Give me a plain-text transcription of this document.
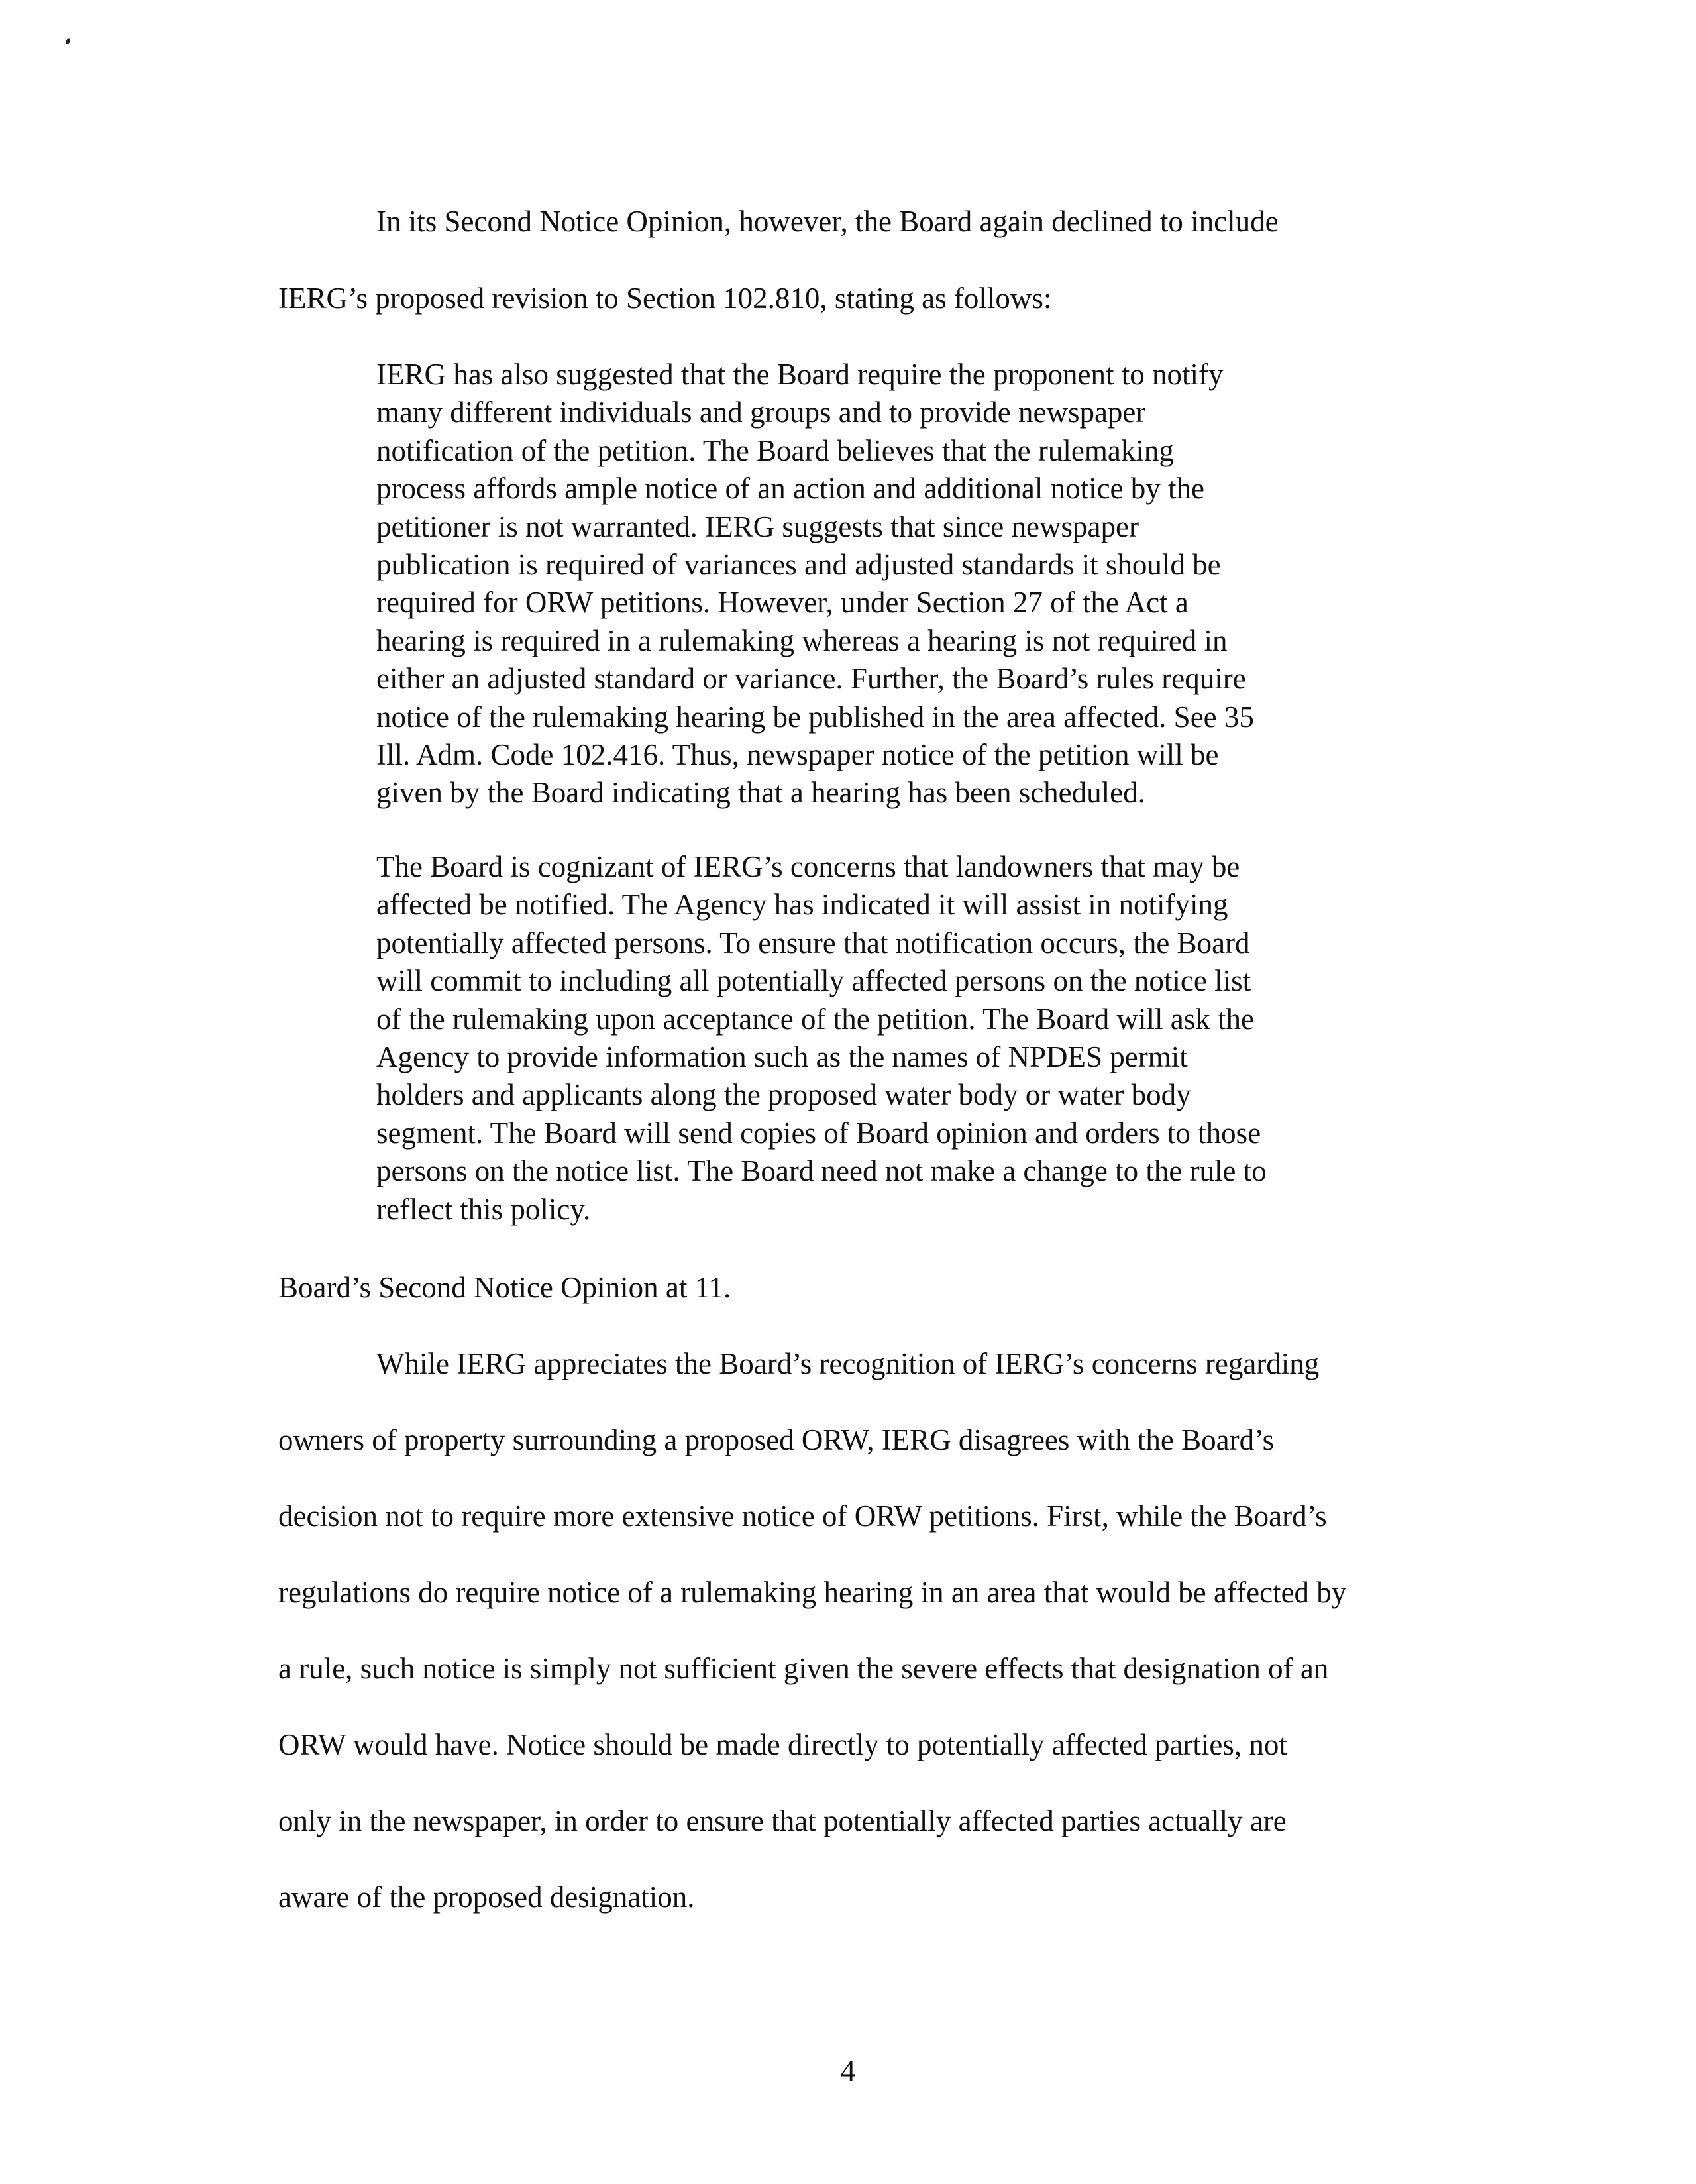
In its Second Notice Opinion, however, the Board again declined to include

IERG’s proposed revision to Section 102.810, stating as follows:

IERG has also suggested that the Board require the proponent to notify
many different individuals and groups and to provide newspaper
notification of the petition. The Board believes that the rulemaking
process affords ample notice of an action and additional notice by the
petitioner is not warranted. IERG suggests that since newspaper
publication is required of variances and adjusted standards it should be
required for ORW petitions. However, under Section 27 of the Act a
hearing is required in a rulemaking whereas a hearing is not required in
either an adjusted standard or variance. Further, the Board’s rules require
notice of the rulemaking hearing be published in the area affected. See 35
Ill. Adm. Code 102.416. Thus, newspaper notice of the petition will be
given by the Board indicating that a hearing has been scheduled.
The Board is cognizant of IERG’s concerns that landowners that may be
affected be notified. The Agency has indicated it will assist in notifying
potentially affected persons. To ensure that notification occurs, the Board
will commit to including all potentially affected persons on the notice list
of the rulemaking upon acceptance of the petition. The Board will ask the
Agency to provide information such as the names of NPDES permit
holders and applicants along the proposed water body or water body
segment. The Board will send copies of Board opinion and orders to those
persons on the notice list. The Board need not make a change to the rule to
reflect this policy.

Board’s Second Notice Opinion at 11.

While IERG appreciates the Board’s recognition of IERG’s concerns regarding

owners of property surrounding a proposed ORW, IERG disagrees with the Board’s

decision not to require more extensive notice of ORW petitions. First, while the Board’s

regulations do require notice of a rulemaking hearing in an area that would be affected by

a rule, such notice is simply not sufficient given the severe effects that designation of an

ORW would have. Notice should be made directly to potentially affected parties, not

only in the newspaper, in order to ensure that potentially affected parties actually are

aware of the proposed designation.

4
